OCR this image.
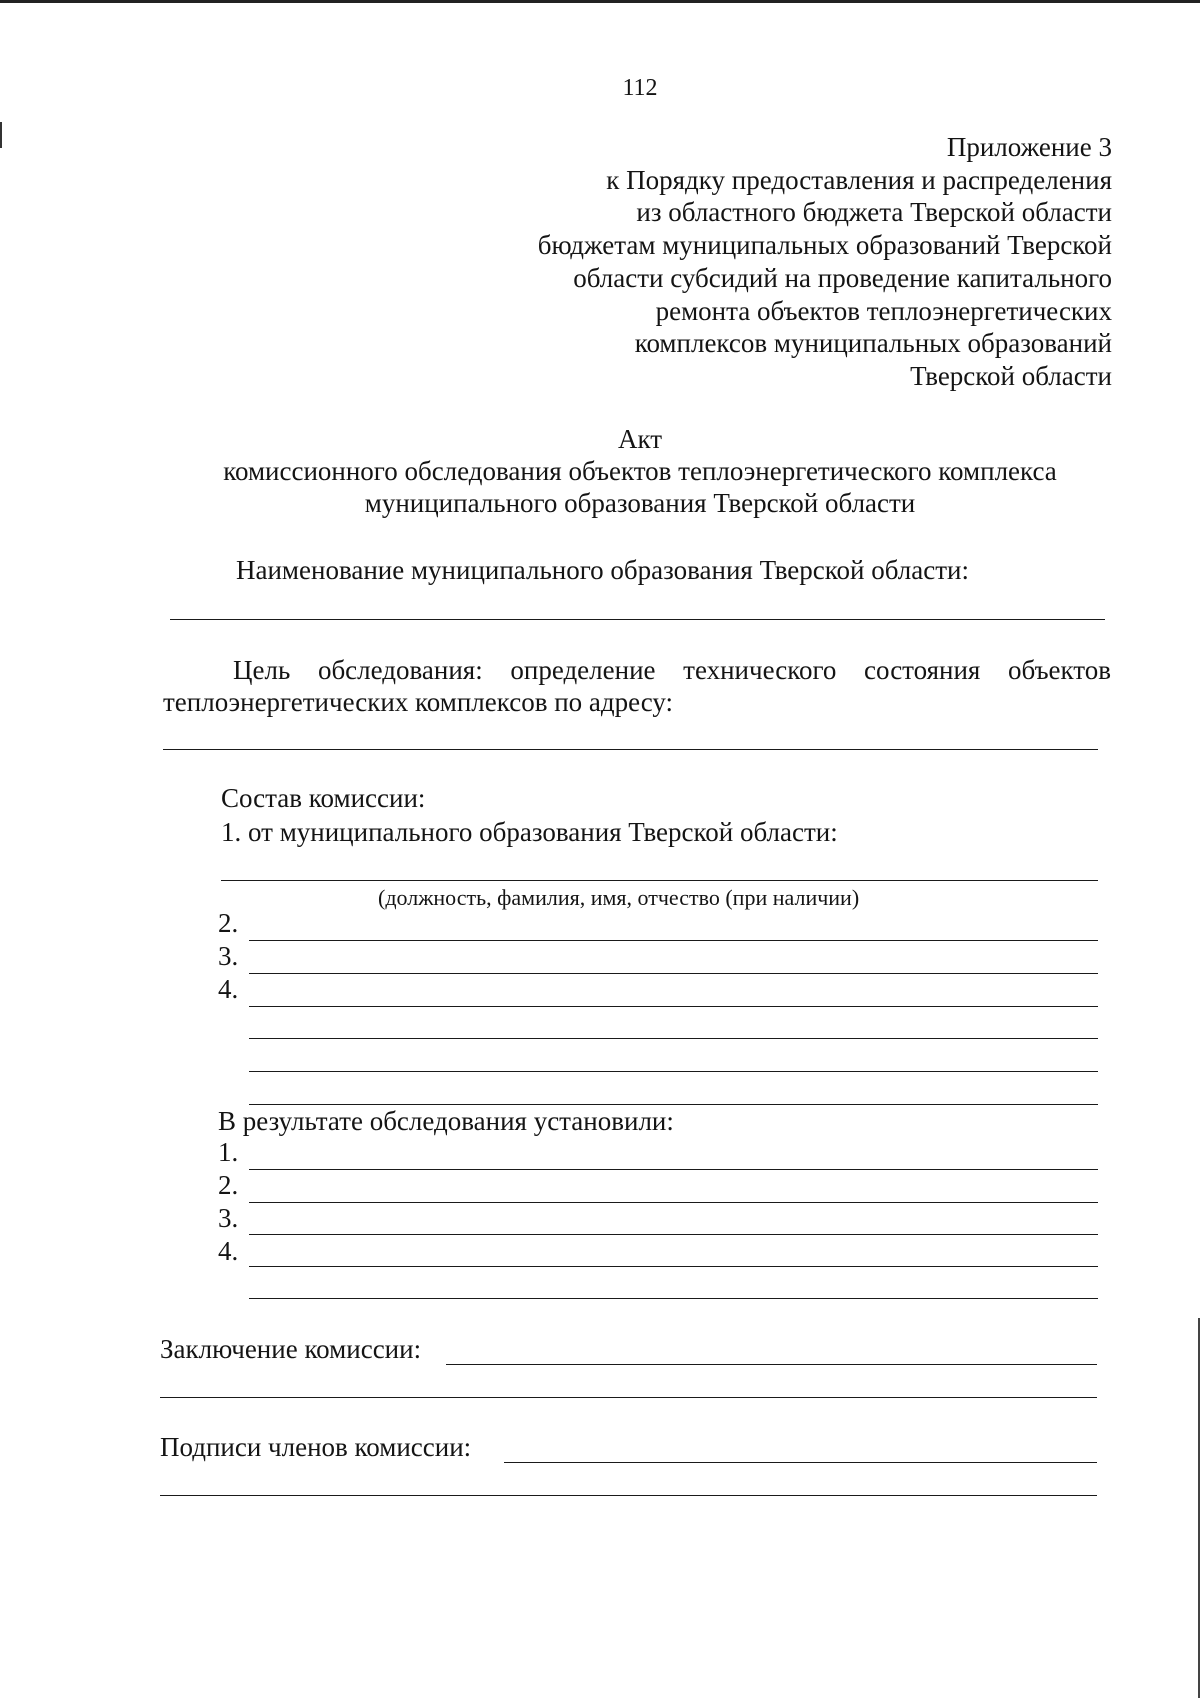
112
Приложение 3
к Порядку предоставления и распределения
из областного бюджета Тверской области
бюджетам муниципальных образований Тверской
области субсидий на проведение капитального
ремонта объектов теплоэнергетических
комплексов муниципальных образований
Тверской области
Акт
комиссионного обследования объектов теплоэнергетического комплекса
муниципального образования Тверской области
Наименование муниципального образования Тверской области:
Цель обследования: определение технического состояния объектов
теплоэнергетических комплексов по адресу:
Состав комиссии:
1. от муниципального образования Тверской области:
(должность, фамилия, имя, отчество (при наличии)
2.
3.
4.
В результате обследования установили:
1.
2.
3.
4.
Заключение комиссии:
Подписи членов комиссии:
